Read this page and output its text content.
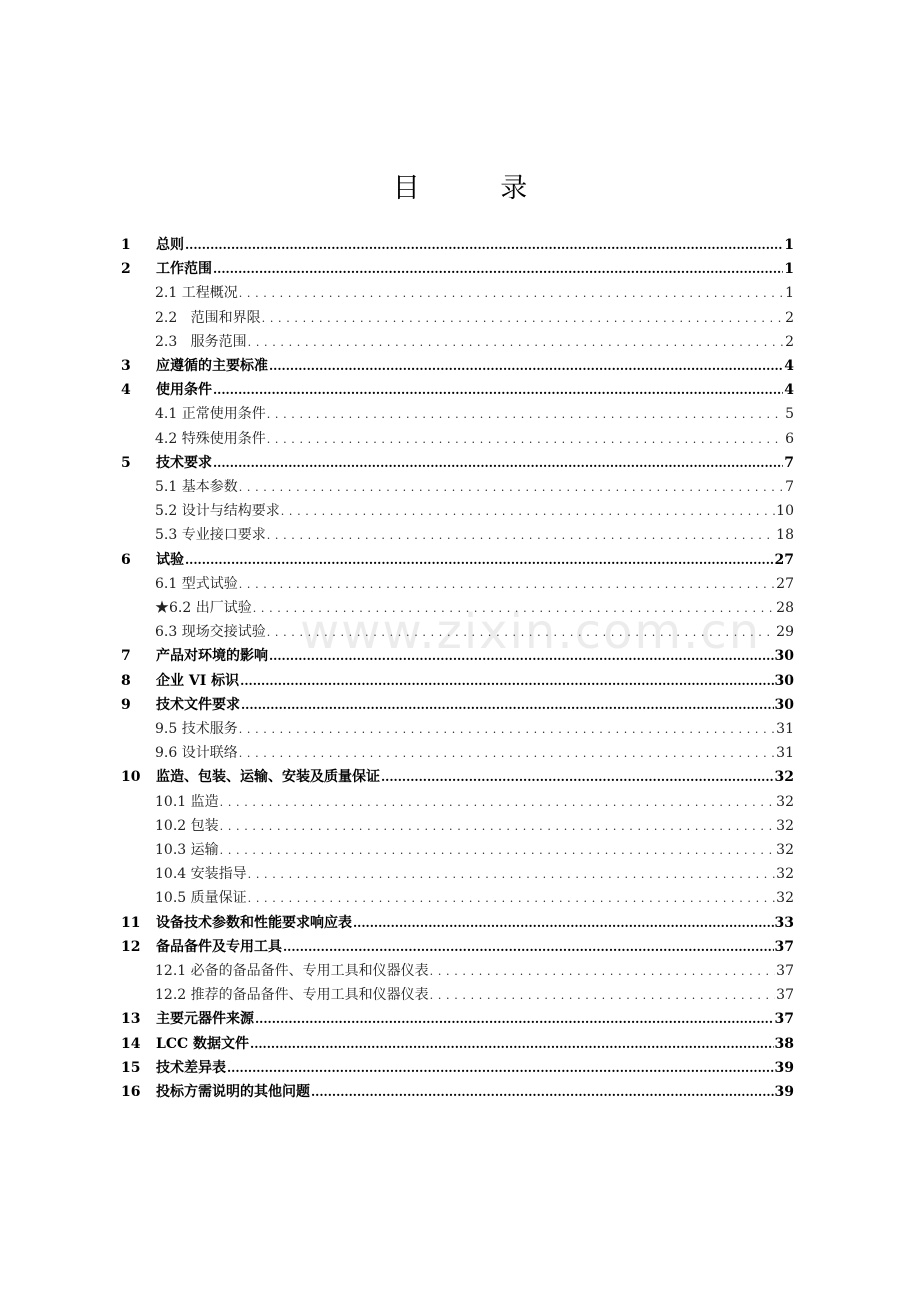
目 录
1 总则 .....	1
2 工作范围 .....	1
2.1 工程概况 . . .	1
2.2   范围和界限 . . .	2
2.3   服务范围 . . .	2
3 应遵循的主要标准 .....	4
4 使用条件 .....	4
4.1 正常使用条件 . . .	5
4.2 特殊使用条件 . . .	6
5 技术要求 .....	7
5.1 基本参数 . . .	7
5.2 设计与结构要求 . . .	10
5.3 专业接口要求 . . .	18
6 试验 .....	27
6.1 型式试验 . . .	27
★6.2 出厂试验 . . .	28
6.3 现场交接试验 . . .	29
7 产品对环境的影响 .....	30
8 企业 VI 标识 .....	30
9 技术文件要求 .....	30
9.5 技术服务 . . .	31
9.6 设计联络 . . .	31
10 监造、包装、运输、安装及质量保证 .....	32
10.1 监造 . . .	32
10.2 包装 . . .	32
10.3 运输 . . .	32
10.4 安装指导 . . .	32
10.5 质量保证 . . .	32
11 设备技术参数和性能要求响应表 .....	33
12 备品备件及专用工具 .....	37
12.1 必备的备品备件、专用工具和仪器仪表 . . .	37
12.2 推荐的备品备件、专用工具和仪器仪表 . . .	37
13 主要元器件来源 .....	37
14 LCC 数据文件 .....	38
15 技术差异表 .....	39
16 投标方需说明的其他问题 .....	39
www.zixin.com.cn
